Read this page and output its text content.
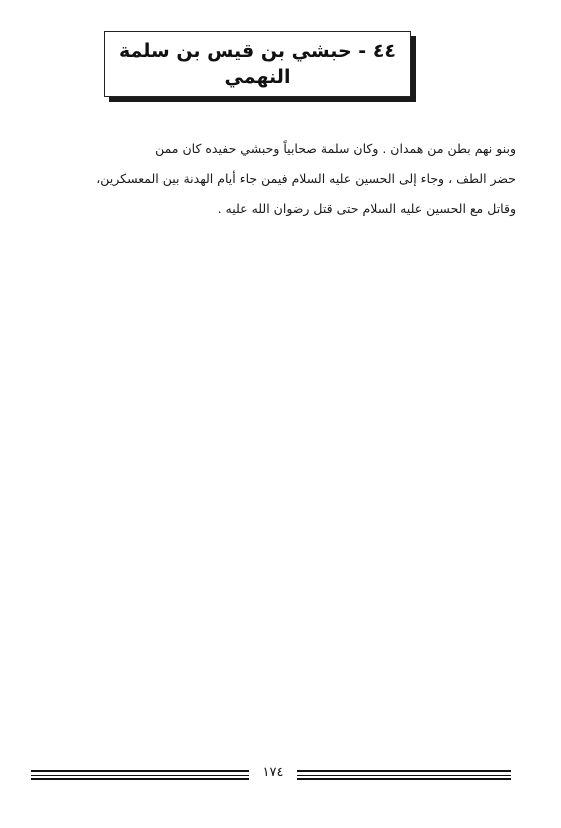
٤٤ - حبشي بن قيس بن سلمة
النهمي
وبنو نهم بطن من همدان . وكان سلمة صحابياً وحبشي حفيده كان ممن
حضر الطف ، وجاء إلى الحسين عليه السلام فيمن جاء أيام الهدنة بين المعسكرين،
وقاتل مع الحسين عليه السلام حتى قتل رضوان الله عليه .
١٧٤
